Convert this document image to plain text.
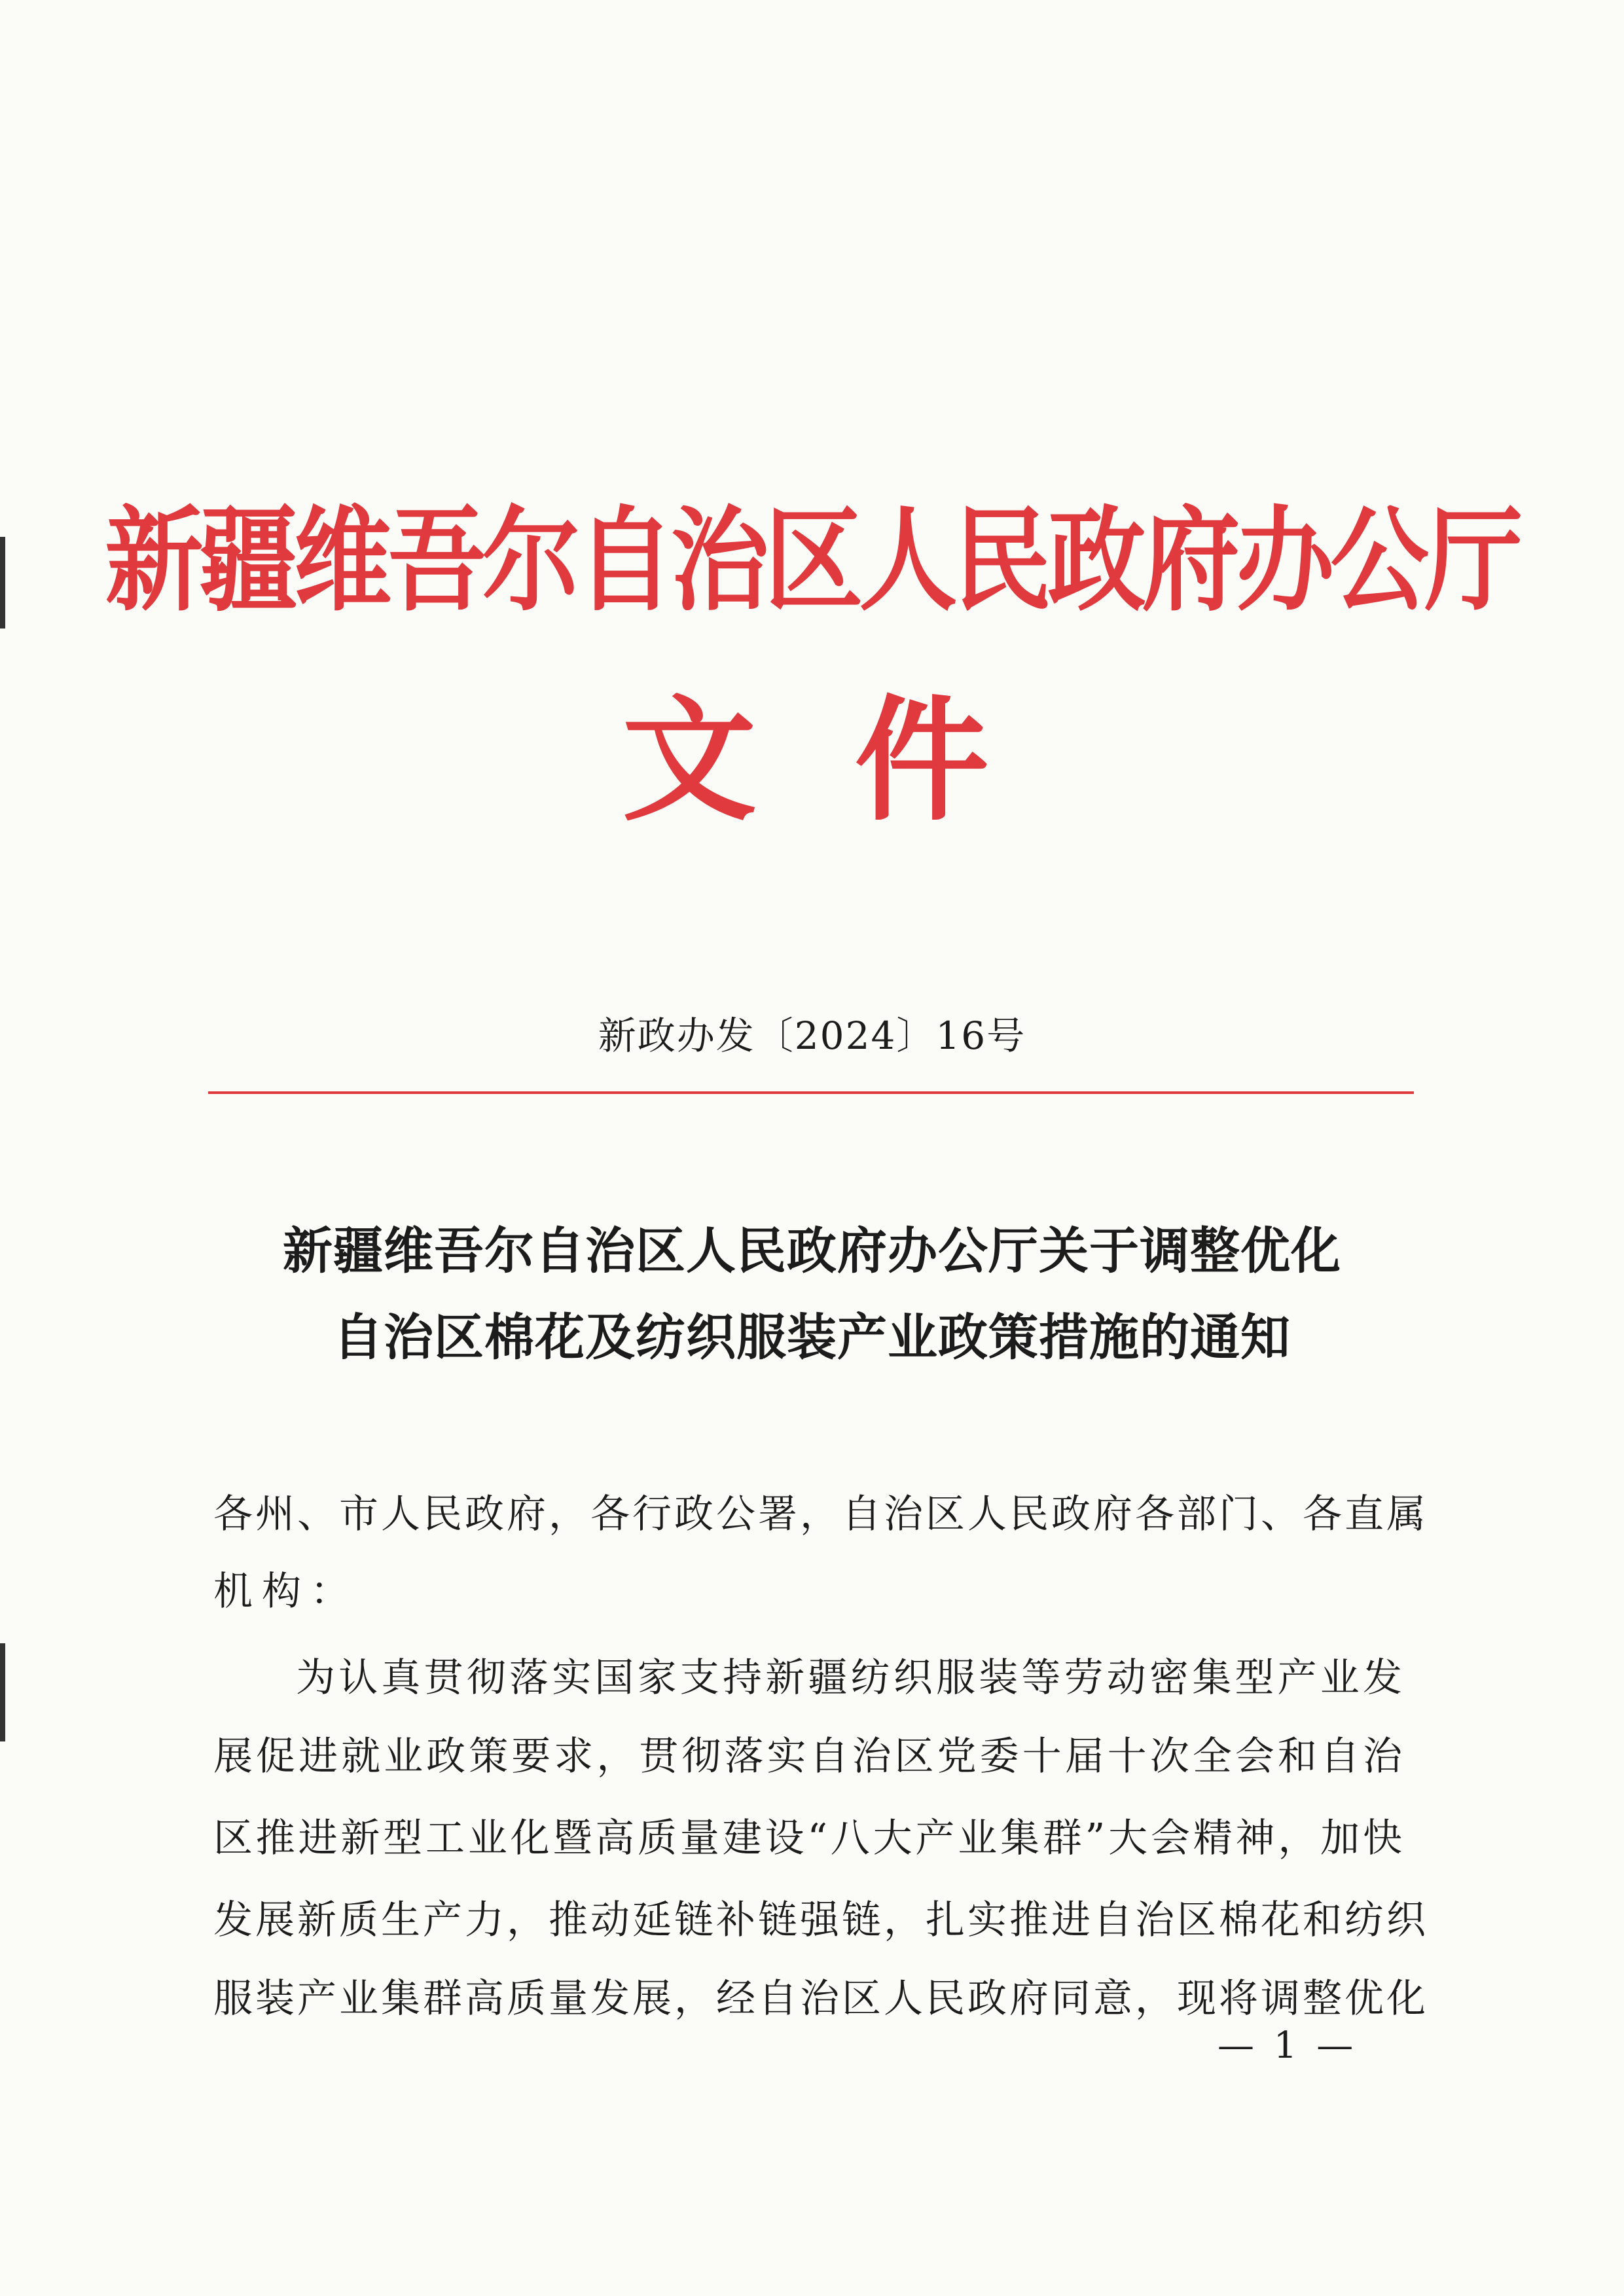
新疆维吾尔自治区人民政府办公厅
文件
新政办发〔2024〕16号
新疆维吾尔自治区人民政府办公厅关于调整优化
自治区棉花及纺织服装产业政策措施的通知
各州、市人民政府，各行政公署，自治区人民政府各部门、各直属
机构：
为认真贯彻落实国家支持新疆纺织服装等劳动密集型产业发
展促进就业政策要求，贯彻落实自治区党委十届十次全会和自治
区推进新型工业化暨高质量建设“八大产业集群”大会精神，加快
发展新质生产力，推动延链补链强链，扎实推进自治区棉花和纺织
服装产业集群高质量发展，经自治区人民政府同意，现将调整优化
— 1 —
